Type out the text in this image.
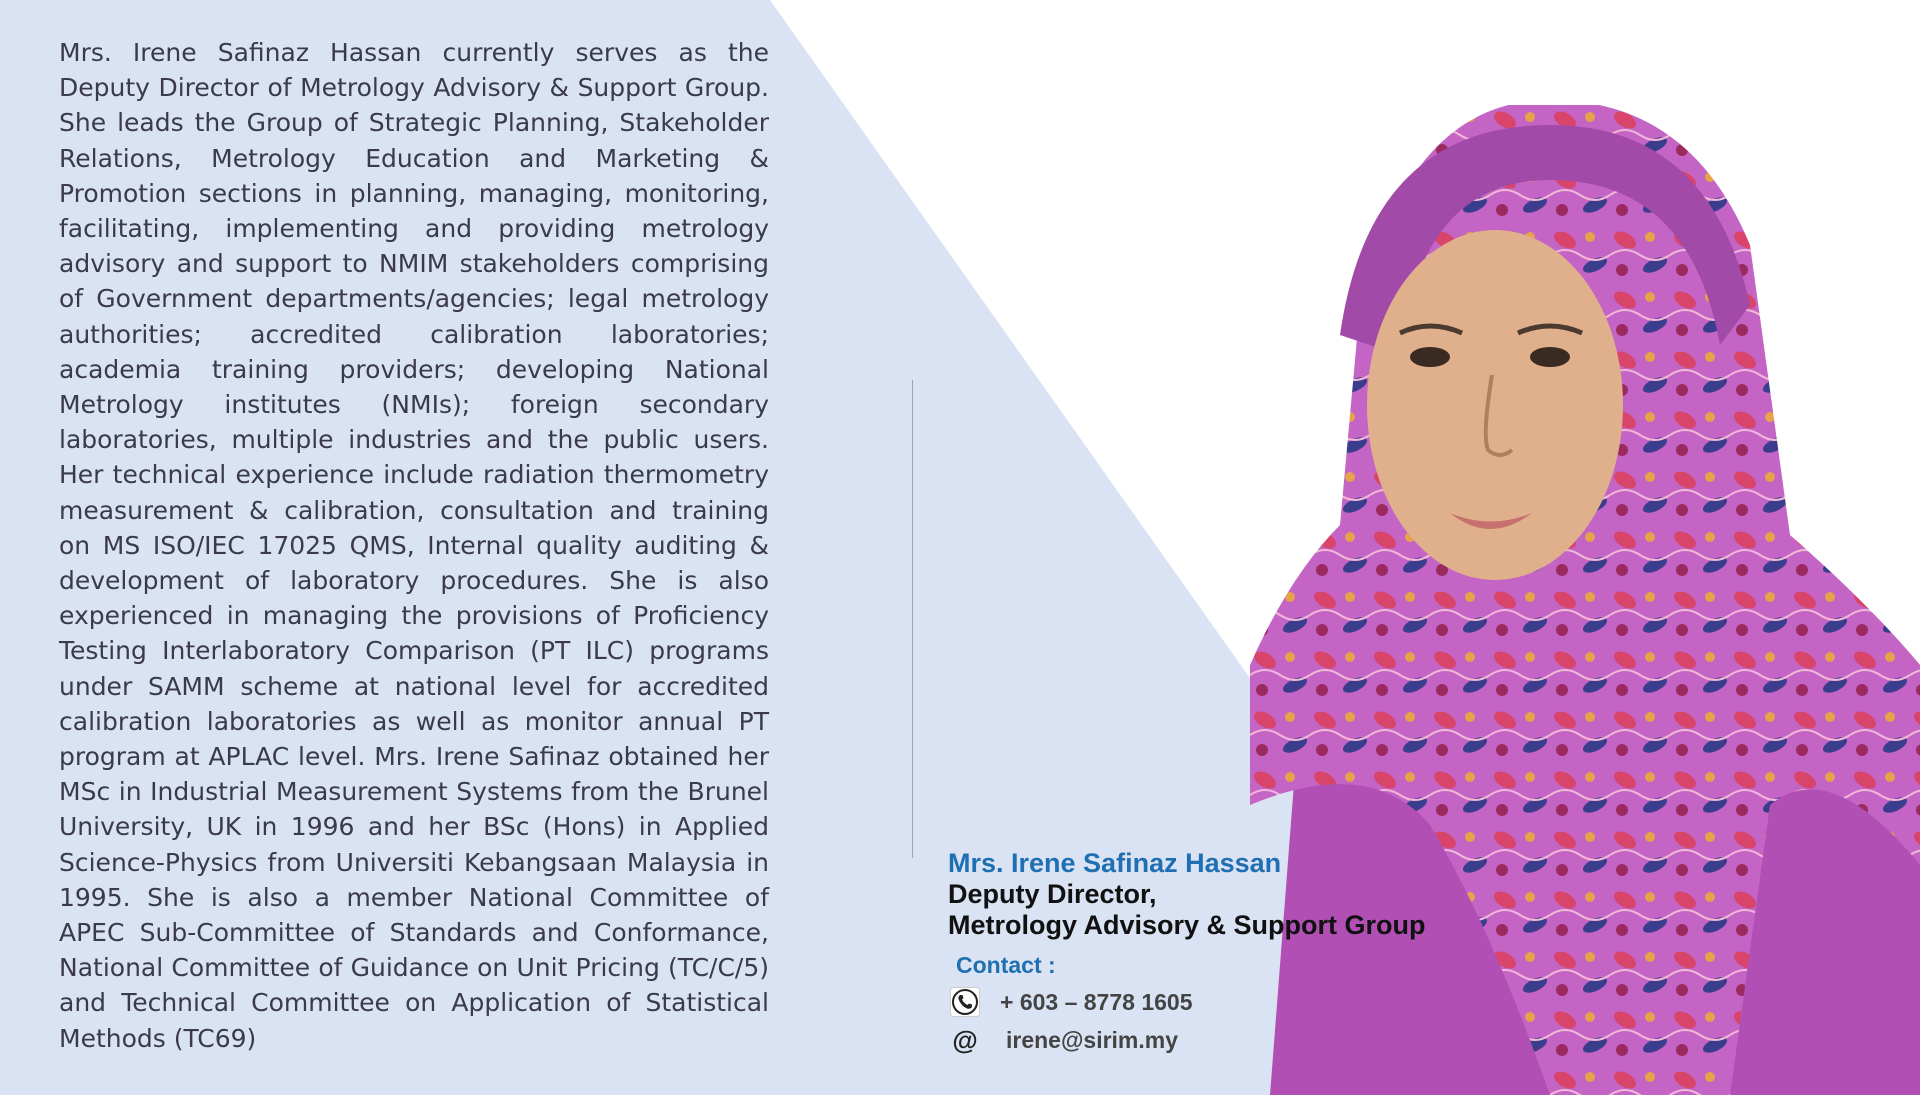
Mrs. Irene Safinaz Hassan currently serves as the Deputy Director of Metrology Advisory & Support Group. She leads the Group of Strategic Planning, Stakeholder Relations, Metrology Education and Marketing & Promotion sections in planning, managing, monitoring, facilitating, implementing and providing metrology advisory and support to NMIM stakeholders comprising of Government departments/agencies; legal metrology authorities; accredited calibration laboratories; academia training providers; developing National Metrology institutes (NMIs); foreign secondary laboratories, multiple industries and the public users. Her technical experience include radiation thermometry measurement & calibration, consultation and training on MS ISO/IEC 17025 QMS, Internal quality auditing & development of laboratory procedures. She is also experienced in managing the provisions of Proficiency Testing Interlaboratory Comparison (PT ILC) programs under SAMM scheme at national level for accredited calibration laboratories as well as monitor annual PT program at APLAC level. Mrs. Irene Safinaz obtained her MSc in Industrial Measurement Systems from the Brunel University, UK in 1996 and her BSc (Hons) in Applied Science-Physics from Universiti Kebangsaan Malaysia in 1995. She is also a member National Committee of APEC Sub-Committee of Standards and Conformance, National Committee of Guidance on Unit Pricing (TC/C/5) and Technical Committee on Application of Statistical Methods (TC69)

Mrs. Irene Safinaz Hassan

Deputy Director,

Metrology Advisory & Support Group

Contact :
+ 603 – 8778 1605
@ irene@sirim.my
